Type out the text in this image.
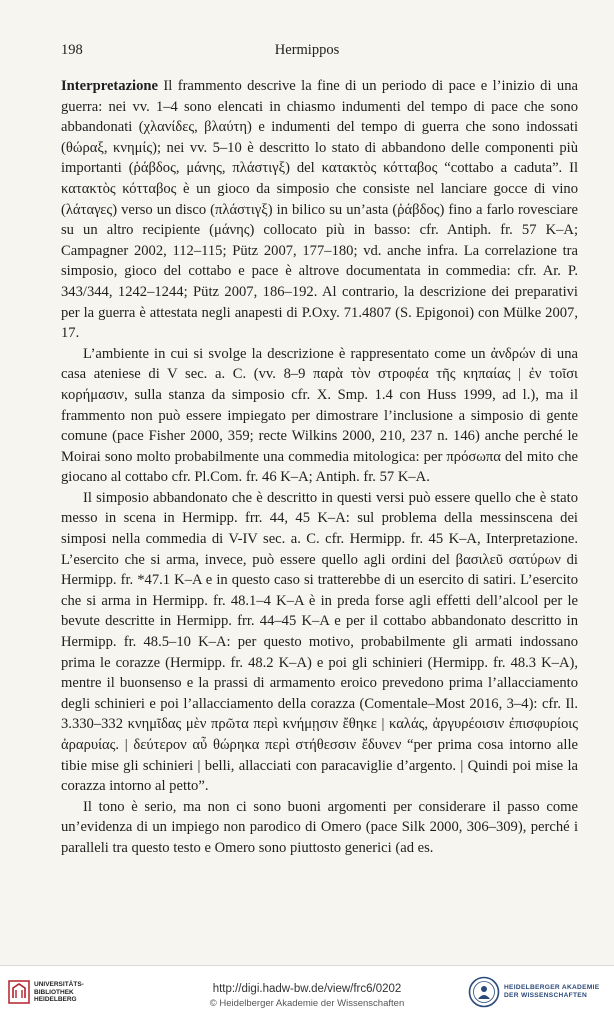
198	Hermippos

Interpretazione Il frammento descrive la fine di un periodo di pace e l’inizio di una guerra: nei vv. 1–4 sono elencati in chiasmo indumenti del tempo di pace che sono abbandonati (χλανίδες, βλαύτη) e indumenti del tempo di guerra che sono indossati (θώραξ, κνημίς); nei vv. 5–10 è descritto lo stato di abbandono delle componenti più importanti (ῥάβδος, μάνης, πλάστιγξ) del κατακτὸς κότταβος “cottabo a caduta”. Il κατακτὸς κότταβος è un gioco da simposio che consiste nel lanciare gocce di vino (λάταγες) verso un disco (πλάστιγξ) in bilico su un’asta (ῥάβδος) fino a farlo rovesciare su un altro recipiente (μάνης) collocato più in basso: cfr. Antiph. fr. 57 K–A; Campagner 2002, 112–115; Pütz 2007, 177–180; vd. anche infra. La correlazione tra simposio, gioco del cottabo e pace è altrove documentata in commedia: cfr. Ar. P. 343/344, 1242–1244; Pütz 2007, 186–192. Al contrario, la descrizione dei preparativi per la guerra è attestata negli anapesti di P.Oxy. 71.4807 (S. Epigonoi) con Mülke 2007, 17.

L’ambiente in cui si svolge la descrizione è rappresentato come un ἀνδρών di una casa ateniese di V sec. a. C. (vv. 8–9 παρὰ τὸν στροφέα τῆς κηπαίας | ἐν τοῖσι κορήμασιν, sulla stanza da simposio cfr. X. Smp. 1.4 con Huss 1999, ad l.), ma il frammento non può essere impiegato per dimostrare l’inclusione a simposio di gente comune (pace Fisher 2000, 359; recte Wilkins 2000, 210, 237 n. 146) anche perché le Moirai sono molto probabilmente una commedia mitologica: per πρόσωπα del mito che giocano al cottabo cfr. Pl.Com. fr. 46 K–A; Antiph. fr. 57 K–A.

Il simposio abbandonato che è descritto in questi versi può essere quello che è stato messo in scena in Hermipp. frr. 44, 45 K–A: sul problema della messinscena dei simposi nella commedia di V-IV sec. a. C. cfr. Hermipp. fr. 45 K–A, Interpretazione. L’esercito che si arma, invece, può essere quello agli ordini del βασιλεῦ σατύρων di Hermipp. fr. *47.1 K–A e in questo caso si tratterebbe di un esercito di satiri. L’esercito che si arma in Hermipp. fr. 48.1–4 K–A è in preda forse agli effetti dell’alcool per le bevute descritte in Hermipp. frr. 44–45 K–A e per il cottabo abbandonato descritto in Hermipp. fr. 48.5–10 K–A: per questo motivo, probabilmente gli armati indossano prima le corazze (Hermipp. fr. 48.2 K–A) e poi gli schinieri (Hermipp. fr. 48.3 K–A), mentre il buonsenso e la prassi di armamento eroico prevedono prima l’allacciamento degli schinieri e poi l’allacciamento della corazza (Comentale–Most 2016, 3–4): cfr. Il. 3.330–332 κνημῖδας μὲν πρῶτα περὶ κνήμῃσιν ἔθηκε | καλάς, ἀργυρέοισιν ἐπισφυρίοις ἀραρυίας. | δεύτερον αὖ θώρηκα περὶ στήθεσσιν ἔδυνεν “per prima cosa intorno alle tibie mise gli schinieri | belli, allacciati con paracaviglie d’argento. | Quindi poi mise la corazza intorno al petto”.

Il tono è serio, ma non ci sono buoni argomenti per considerare il passo come un’evidenza di un impiego non parodico di Omero (pace Silk 2000, 306–309), perché i paralleli tra questo testo e Omero sono piuttosto generici (ad es.

UNIVERSITÄTS-
BIBLIOTHEK
HEIDELBERG
http://digi.hadw-bw.de/view/frc6/0202
© Heidelberger Akademie der Wissenschaften
HEIDELBERGER AKADEMIE
DER WISSENSCHAFTEN
